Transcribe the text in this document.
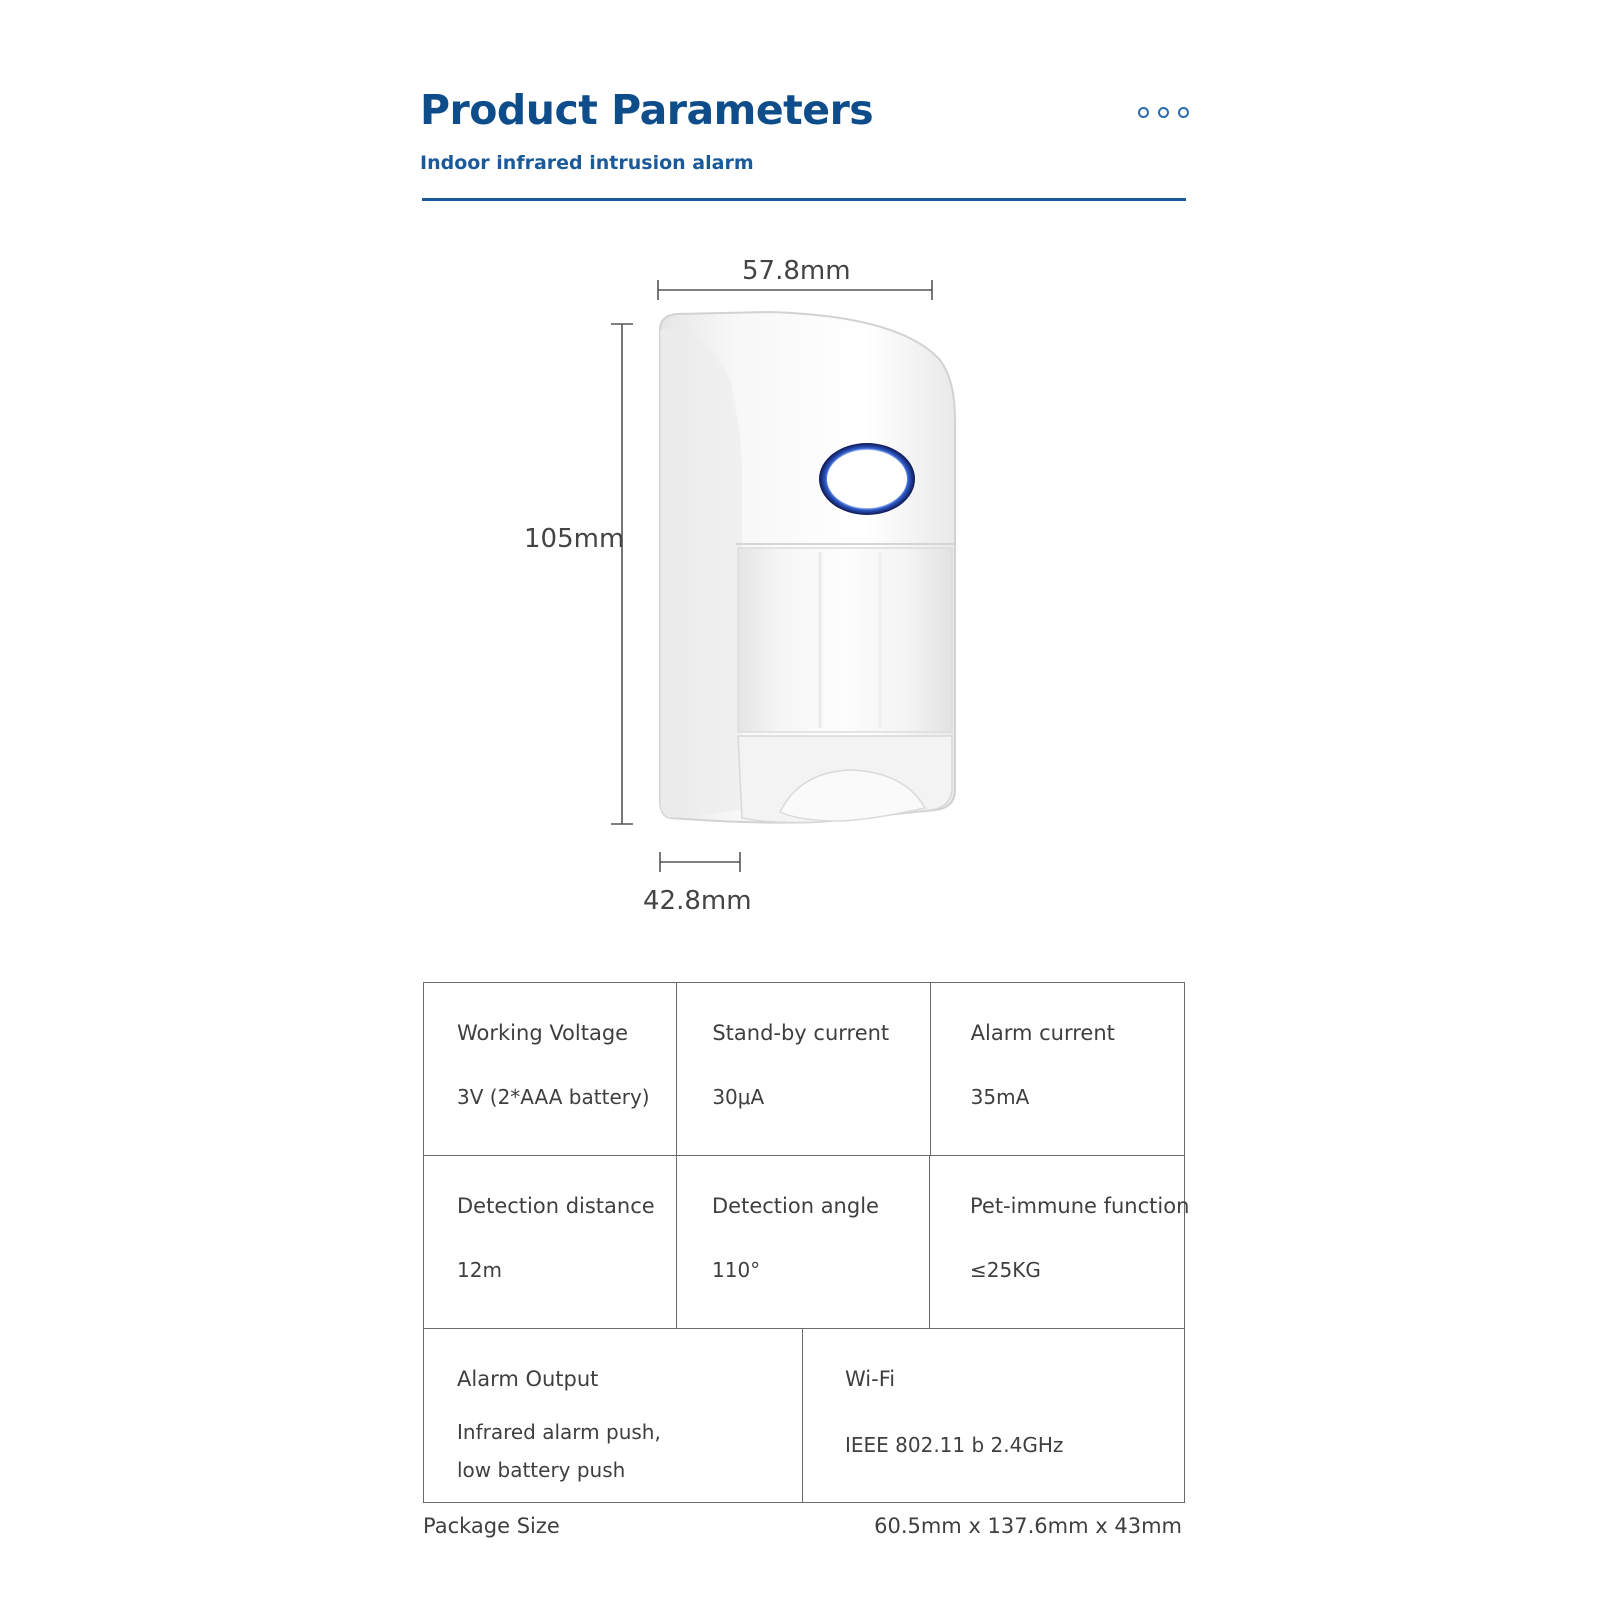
Product Parameters
Indoor infrared intrusion alarm
57.8mm
105mm
42.8mm
Working Voltage
3V (2*AAA battery)
Stand-by current
30μA
Alarm current
35mA
Detection distance
12m
Detection angle
110°
Pet-immune function
≤25KG
Alarm Output
Infrared alarm push,
low battery push
Wi-Fi
IEEE 802.11 b 2.4GHz
Package Size	60.5mm x 137.6mm x 43mm
